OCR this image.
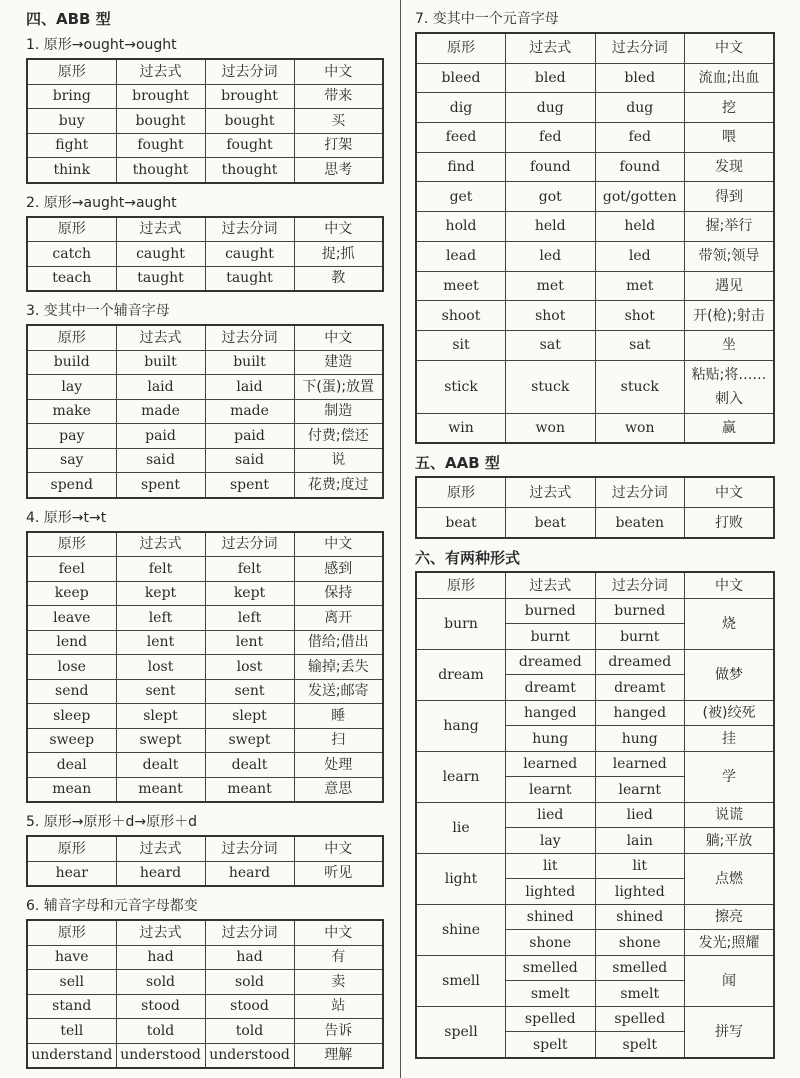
四、ABB 型
1. 原形→ought→ought
原形	过去式	过去分词	中文
bring	brought	brought	带来
buy	bought	bought	买
fight	fought	fought	打架
think	thought	thought	思考
2. 原形→aught→aught
原形	过去式	过去分词	中文
catch	caught	caught	捉;抓
teach	taught	taught	教
3. 变其中一个辅音字母
原形	过去式	过去分词	中文
build	built	built	建造
lay	laid	laid	下(蛋);放置
make	made	made	制造
pay	paid	paid	付费;偿还
say	said	said	说
spend	spent	spent	花费;度过
4. 原形→t→t
原形	过去式	过去分词	中文
feel	felt	felt	感到
keep	kept	kept	保持
leave	left	left	离开
lend	lent	lent	借给;借出
lose	lost	lost	输掉;丢失
send	sent	sent	发送;邮寄
sleep	slept	slept	睡
sweep	swept	swept	扫
deal	dealt	dealt	处理
mean	meant	meant	意思
5. 原形→原形＋d→原形＋d
原形	过去式	过去分词	中文
hear	heard	heard	听见
6. 辅音字母和元音字母都变
原形	过去式	过去分词	中文
have	had	had	有
sell	sold	sold	卖
stand	stood	stood	站
tell	told	told	告诉
understand	understood	understood	理解
7. 变其中一个元音字母
原形	过去式	过去分词	中文
bleed	bled	bled	流血;出血
dig	dug	dug	挖
feed	fed	fed	喂
find	found	found	发现
get	got	got/gotten	得到
hold	held	held	握;举行
lead	led	led	带领;领导
meet	met	met	遇见
shoot	shot	shot	开(枪);射击
sit	sat	sat	坐
stick	stuck	stuck	粘贴;将……刺入
win	won	won	赢
五、AAB 型
原形	过去式	过去分词	中文
beat	beat	beaten	打败
六、有两种形式
原形	过去式	过去分词	中文
burn	burned	burned	烧
	burnt	burnt	
dream	dreamed	dreamed	做梦
	dreamt	dreamt	
hang	hanged	hanged	(被)绞死
	hung	hung	挂
learn	learned	learned	学
	learnt	learnt	
lie	lied	lied	说谎
	lay	lain	躺;平放
light	lit	lit	点燃
	lighted	lighted	
shine	shined	shined	擦亮
	shone	shone	发光;照耀
smell	smelled	smelled	闻
	smelt	smelt	
spell	spelled	spelled	拼写
	spelt	spelt	
